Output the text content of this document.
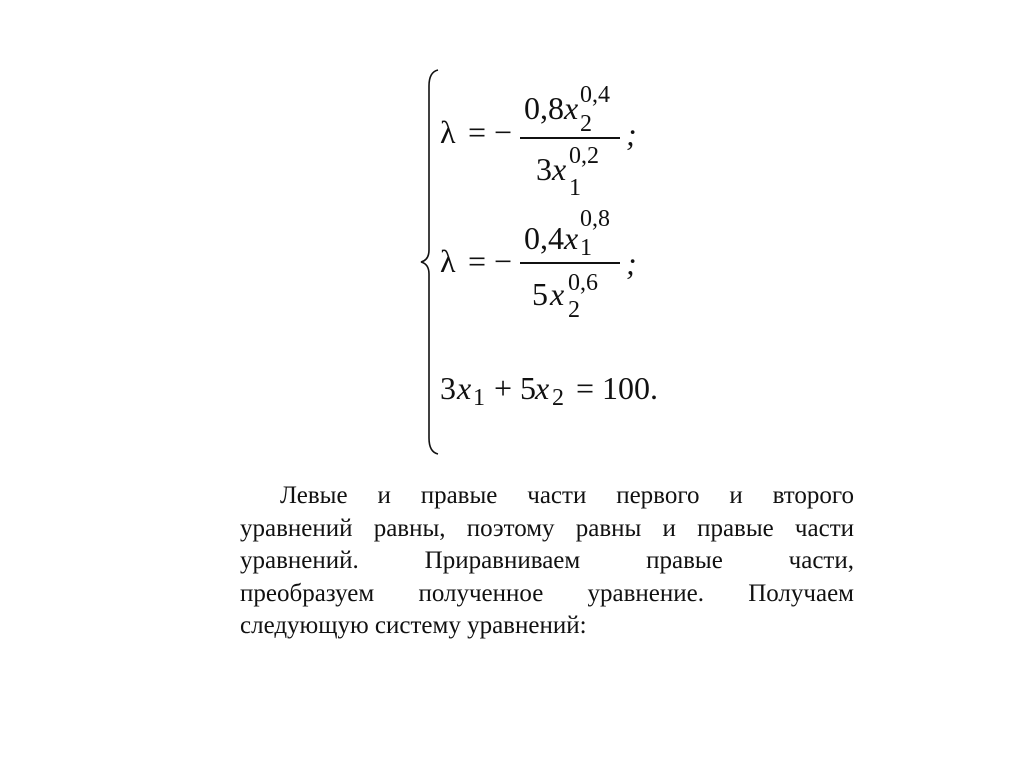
λ = −
0,8 x 0,4
2
3 x 0,2
1
;
λ = −
0,4 x
0,8
1
5 x 0,6
2
;
3 x 1 + 5
x 2 = 100.
Левые и правые части первого и второго
уравнений равны, поэтому равны и правые части
уравнений. Приравниваем правые части,
преобразуем полученное уравнение. Получаем
следующую систему уравнений:
